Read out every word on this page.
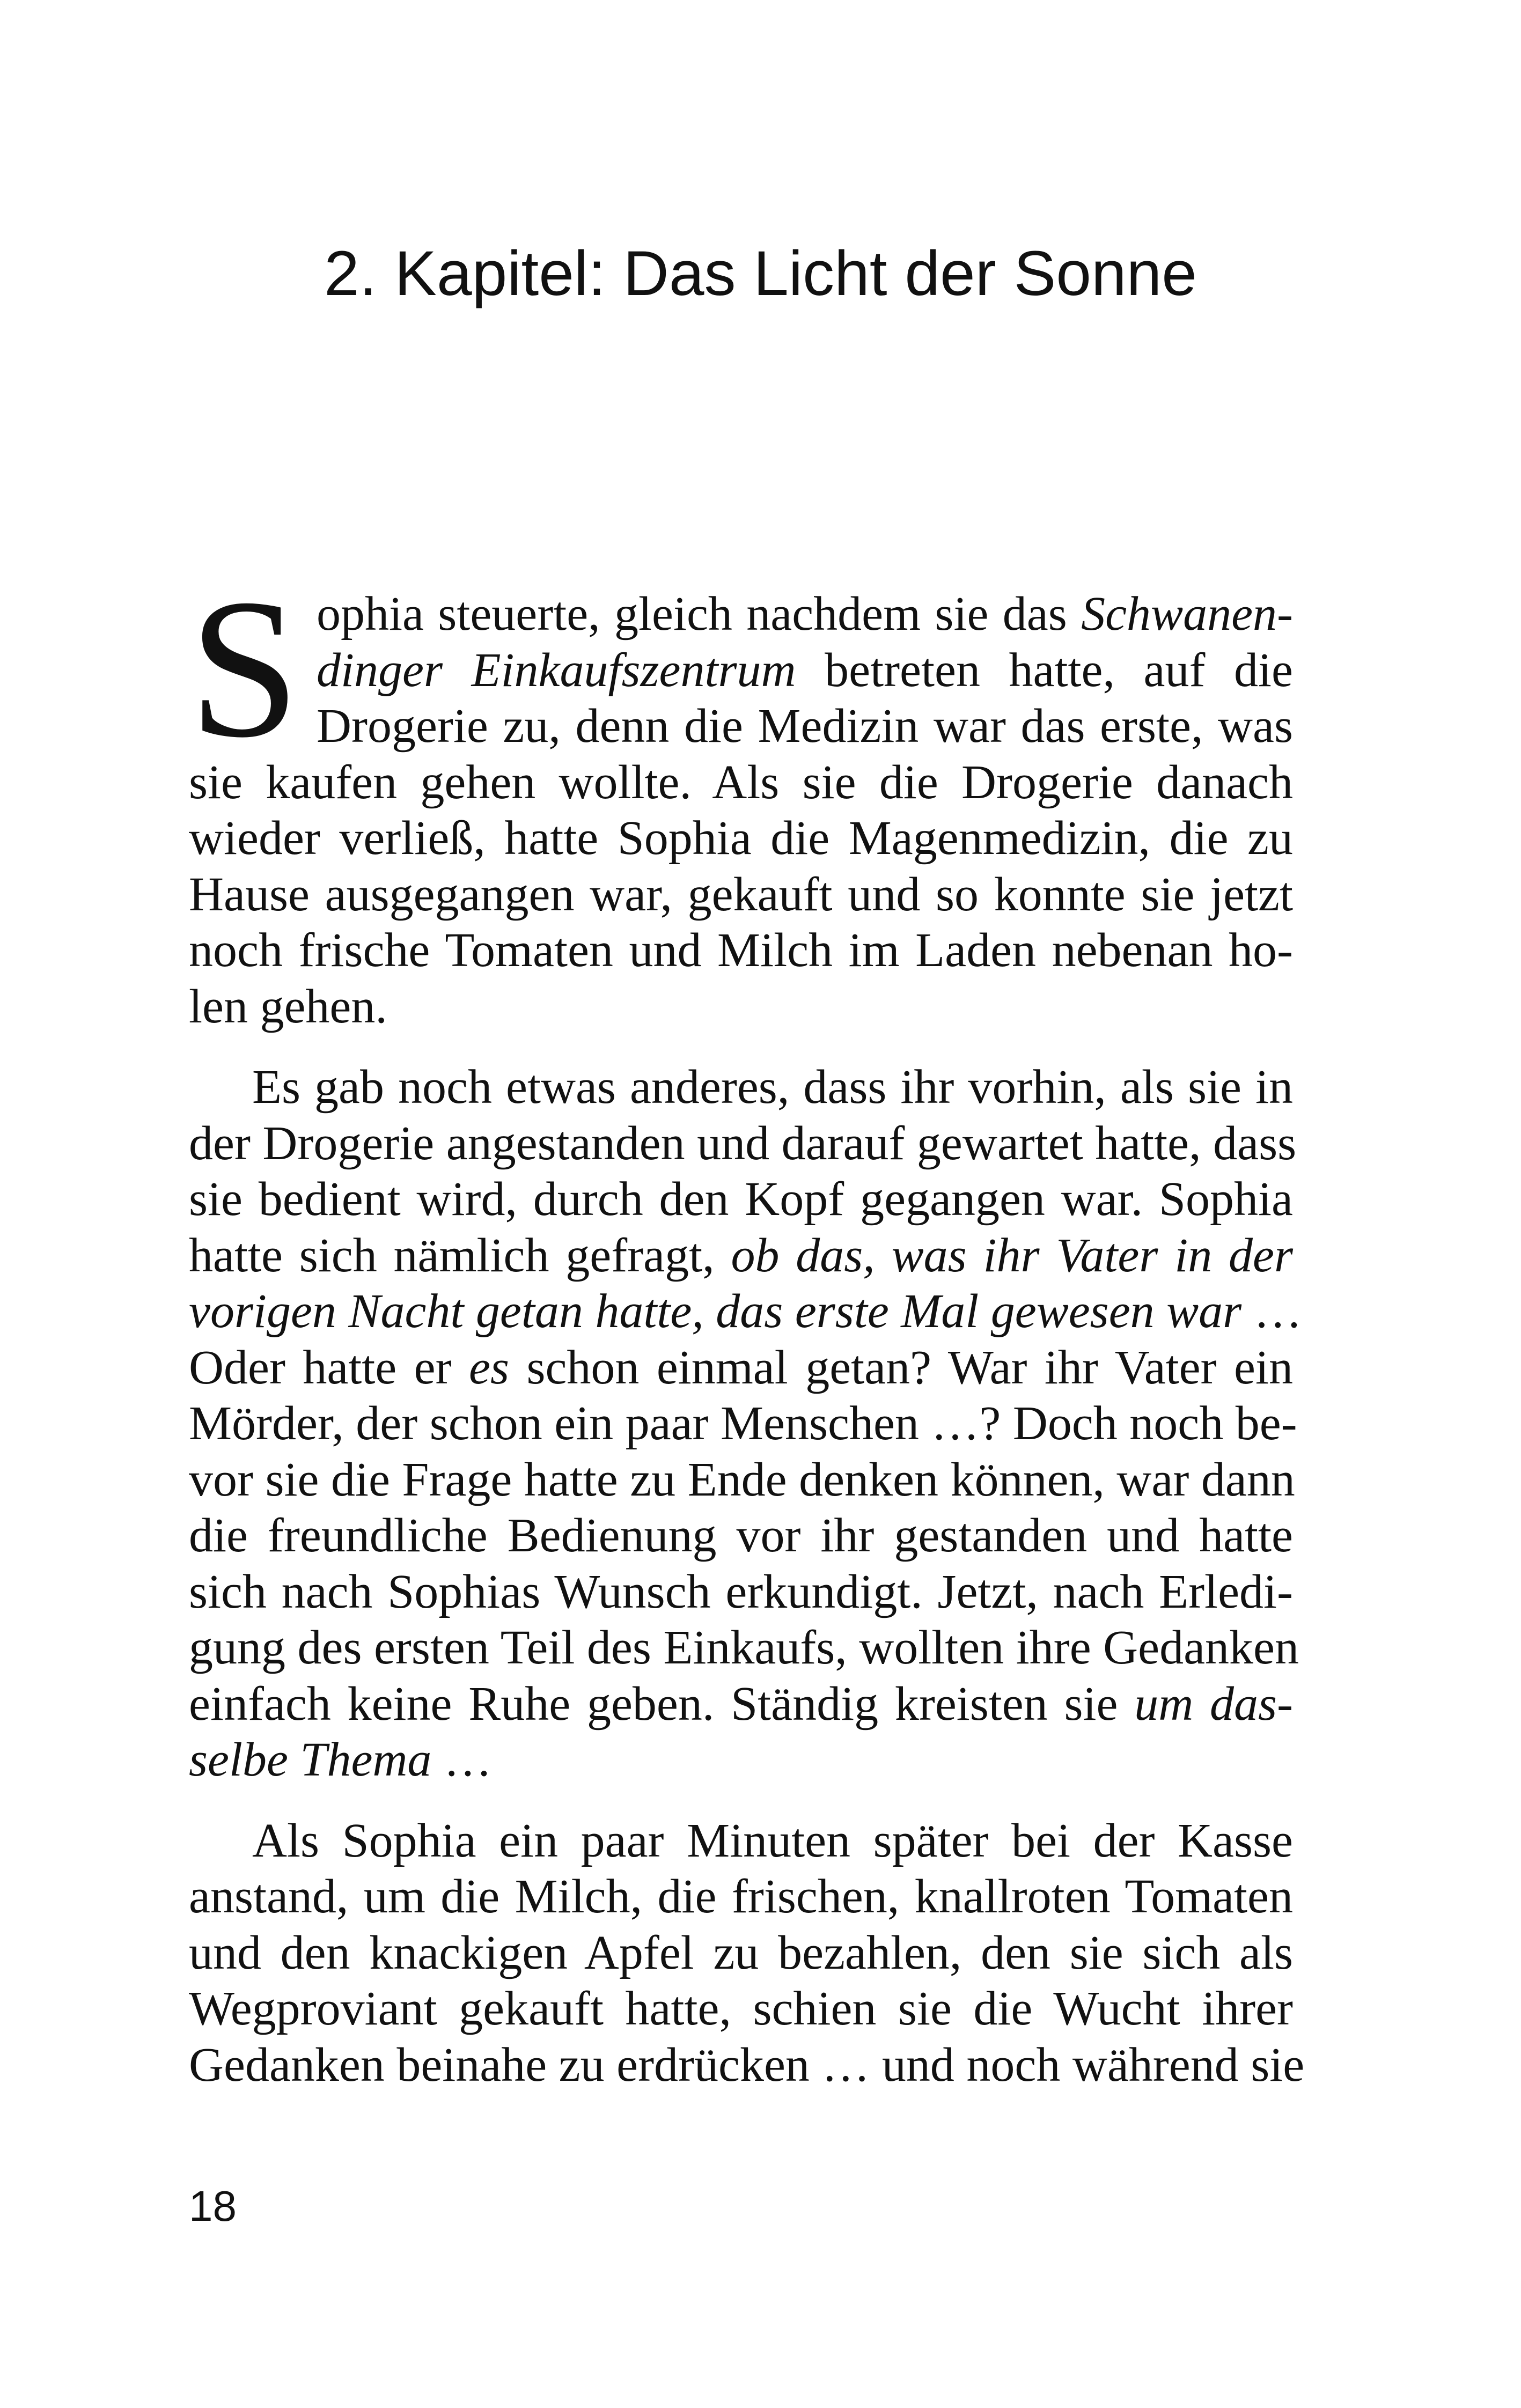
2. Kapitel: Das Licht der Sonne
S ophia steuerte, gleich nachdem sie das Schwanen-
dinger Einkaufszentrum betreten hatte, auf die
Drogerie zu, denn die Medizin war das erste, was
sie kaufen gehen wollte. Als sie die Drogerie danach
wieder verließ, hatte Sophia die Magenmedizin, die zu
Hause ausgegangen war, gekauft und so konnte sie jetzt
noch frische Tomaten und Milch im Laden nebenan ho-
len gehen.

Es gab noch etwas anderes, dass ihr vorhin, als sie in
der Drogerie angestanden und darauf gewartet hatte, dass
sie bedient wird, durch den Kopf gegangen war. Sophia
hatte sich nämlich gefragt, ob das, was ihr Vater in der
vorigen Nacht getan hatte, das erste Mal gewesen war …
Oder hatte er es schon einmal getan? War ihr Vater ein
Mörder, der schon ein paar Menschen …? Doch noch be-
vor sie die Frage hatte zu Ende denken können, war dann
die freundliche Bedienung vor ihr gestanden und hatte
sich nach Sophias Wunsch erkundigt. Jetzt, nach Erledi-
gung des ersten Teil des Einkaufs, wollten ihre Gedanken
einfach keine Ruhe geben. Ständig kreisten sie um das-
selbe Thema …

Als Sophia ein paar Minuten später bei der Kasse
anstand, um die Milch, die frischen, knallroten Tomaten
und den knackigen Apfel zu bezahlen, den sie sich als
Wegproviant gekauft hatte, schien sie die Wucht ihrer
Gedanken beinahe zu erdrücken … und noch während sie

18
